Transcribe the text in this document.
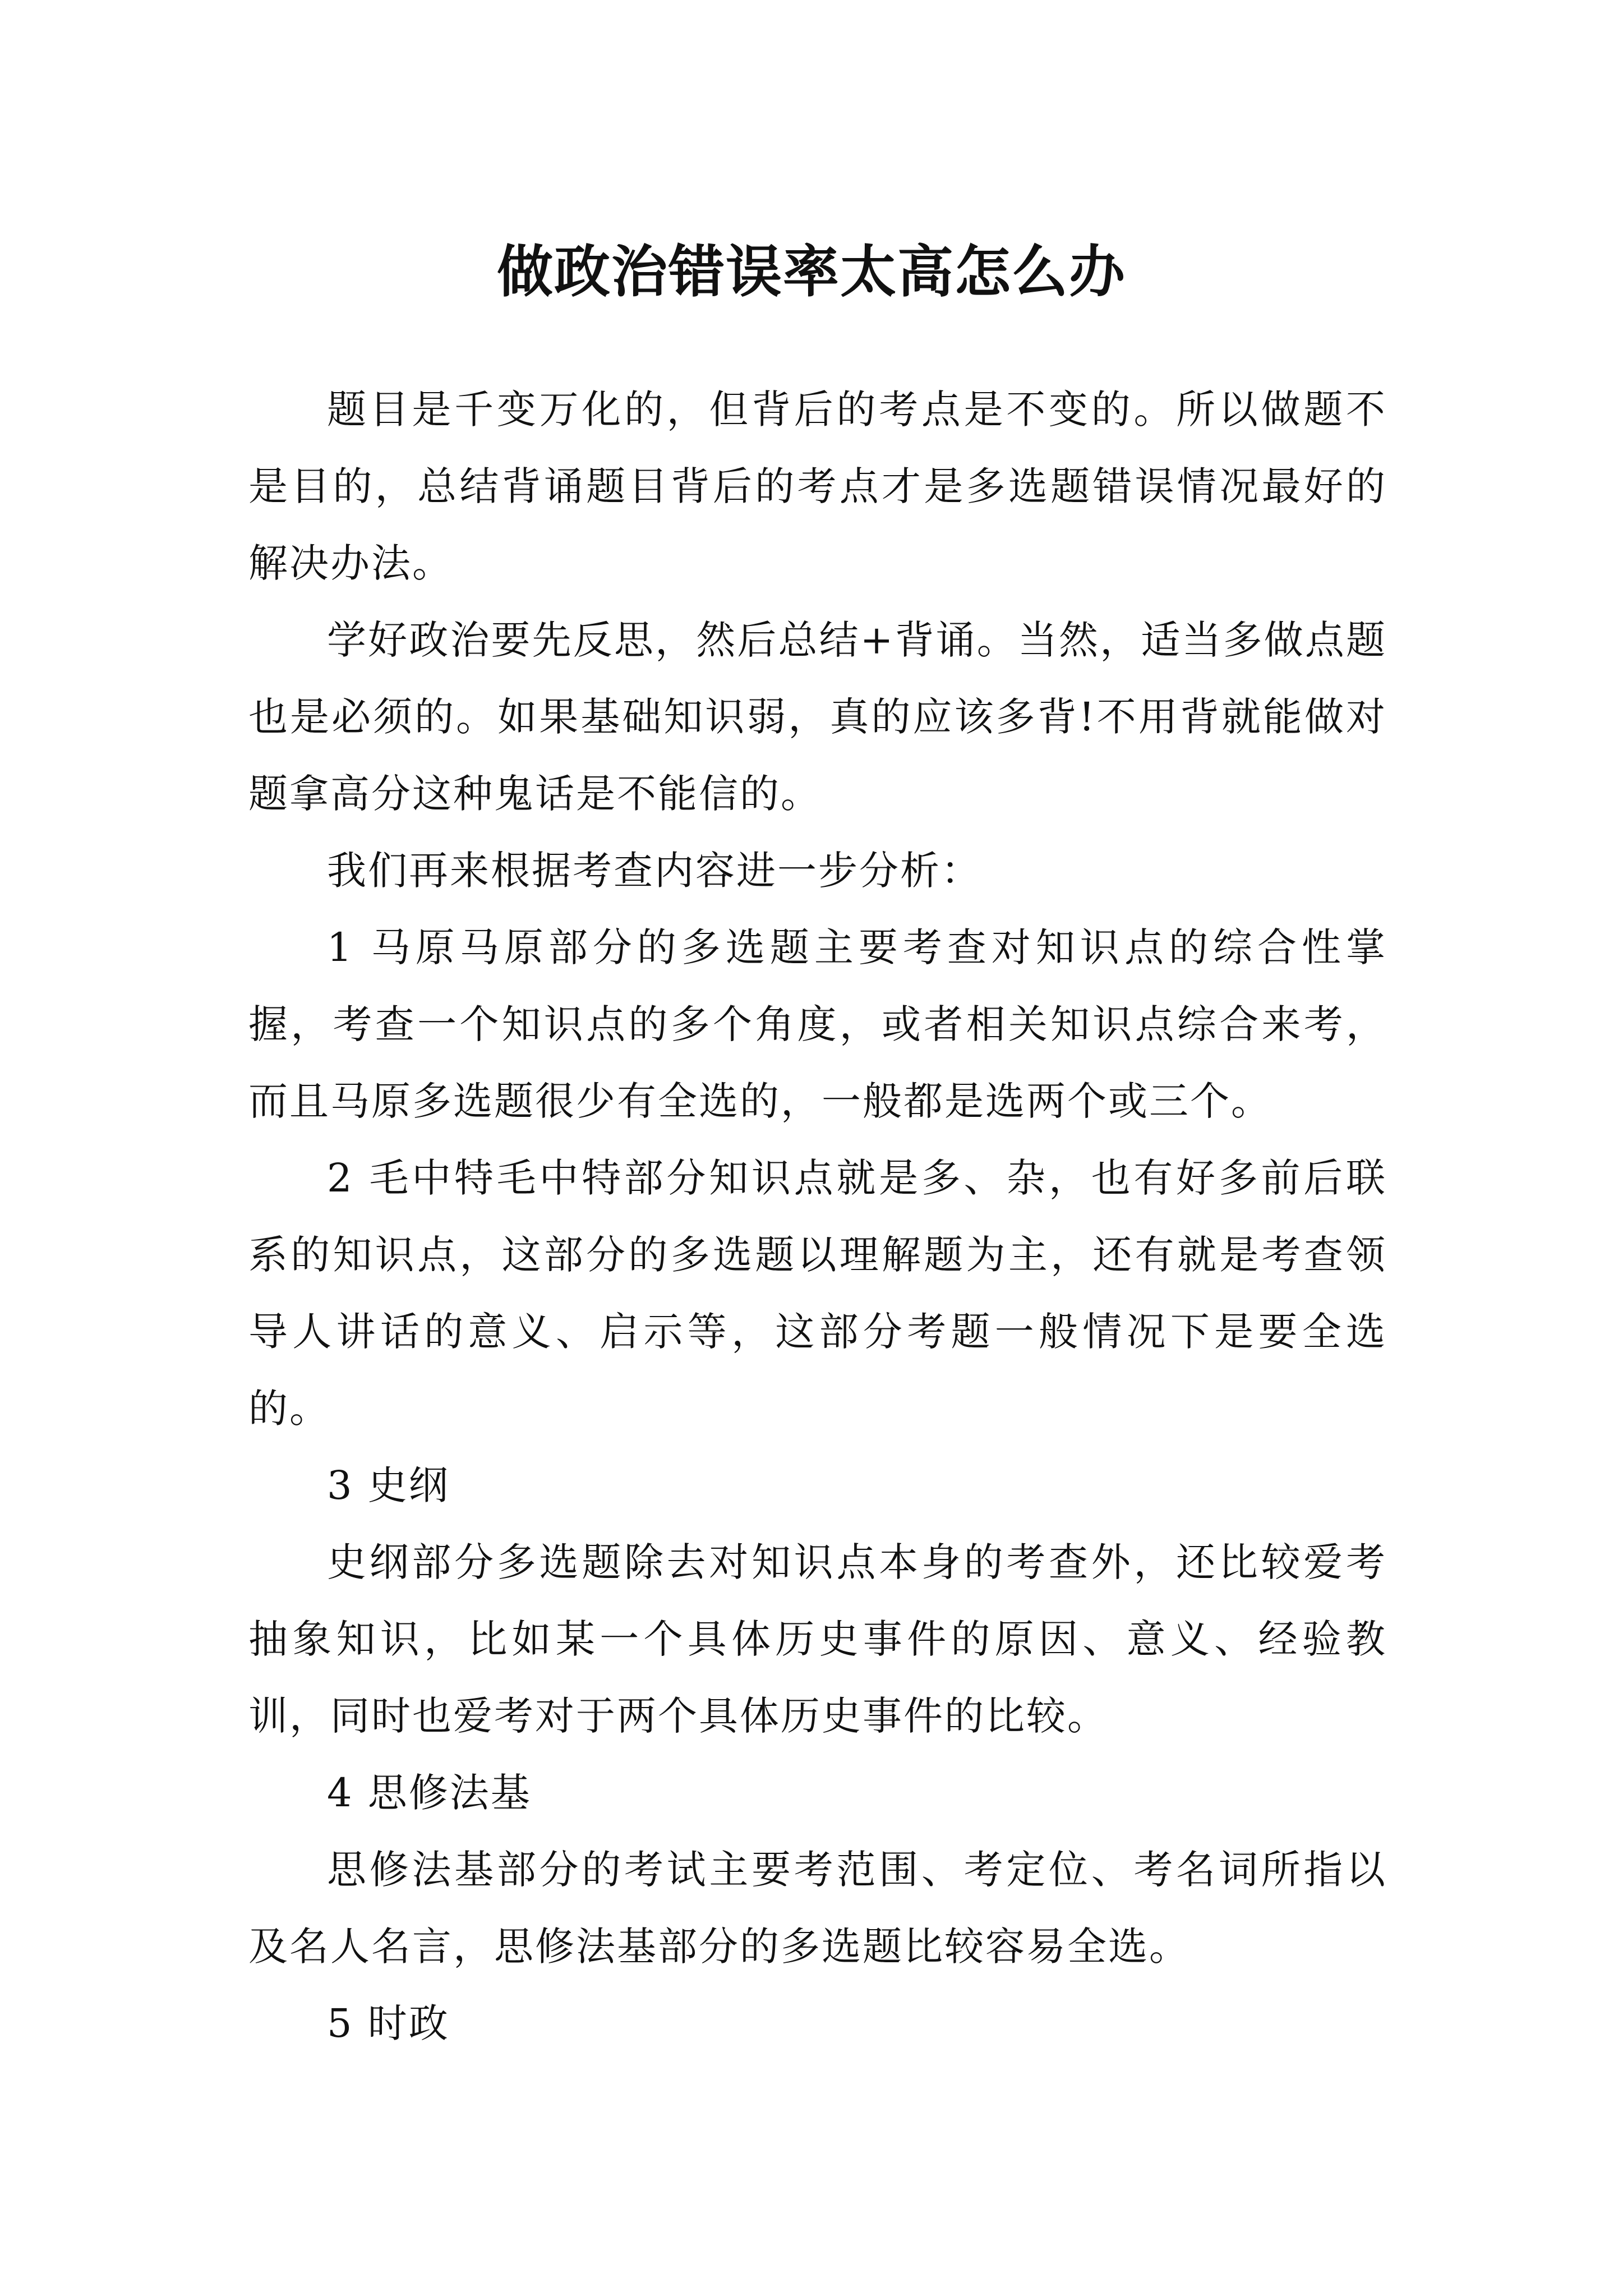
做政治错误率太高怎么办

题目是千变万化的，但背后的考点是不变的。所以做题不是目的，总结背诵题目背后的考点才是多选题错误情况最好的解决办法。

学好政治要先反思，然后总结+背诵。当然，适当多做点题也是必须的。如果基础知识弱，真的应该多背!不用背就能做对题拿高分这种鬼话是不能信的。

我们再来根据考查内容进一步分析：

1 马原马原部分的多选题主要考查对知识点的综合性掌握，考查一个知识点的多个角度，或者相关知识点综合来考，而且马原多选题很少有全选的，一般都是选两个或三个。

2 毛中特毛中特部分知识点就是多、杂，也有好多前后联系的知识点，这部分的多选题以理解题为主，还有就是考查领导人讲话的意义、启示等，这部分考题一般情况下是要全选的。

3 史纲

史纲部分多选题除去对知识点本身的考查外，还比较爱考抽象知识，比如某一个具体历史事件的原因、意义、经验教训，同时也爱考对于两个具体历史事件的比较。

4 思修法基

思修法基部分的考试主要考范围、考定位、考名词所指以及名人名言，思修法基部分的多选题比较容易全选。

5 时政
